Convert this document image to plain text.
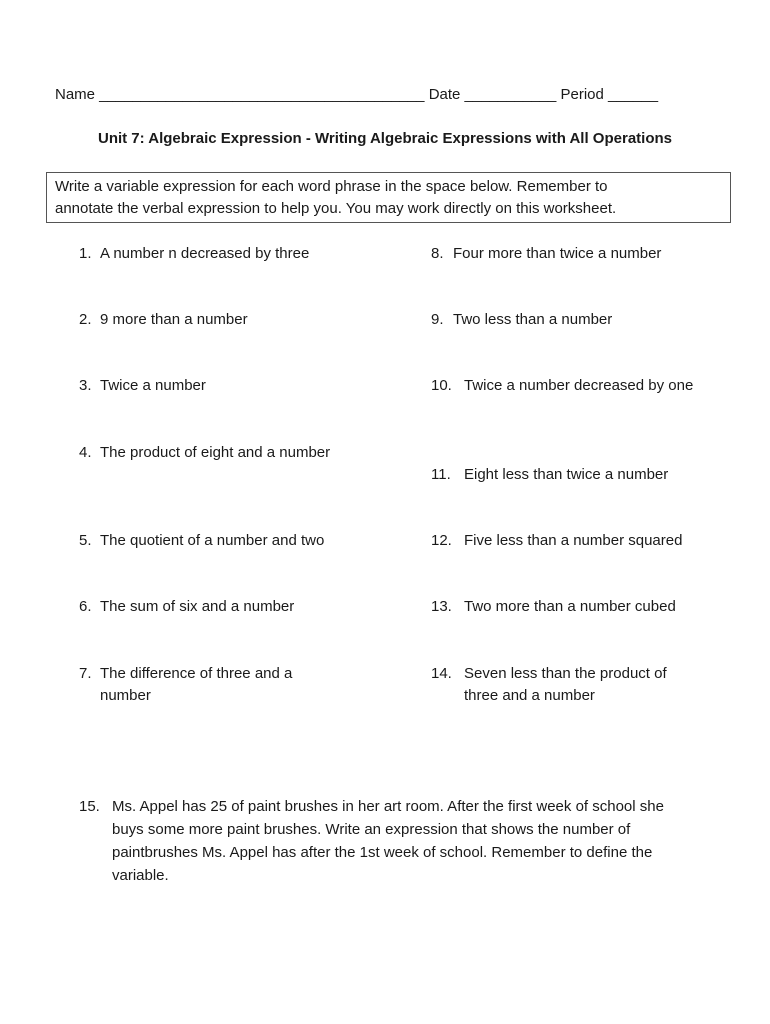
Name _______________________________________ Date ___________ Period ______
Unit 7: Algebraic Expression - Writing Algebraic Expressions with All Operations
Write a variable expression for each word phrase in the space below. Remember to
annotate the verbal expression to help you. You may work directly on this worksheet.
1. A number n decreased by three
2. 9 more than a number
3. Twice a number
4. The product of eight and a number
5. The quotient of a number and two
6. The sum of six and a number
7. The difference of three and a
number
8. Four more than twice a number
9. Two less than a number
10. Twice a number decreased by one
11. Eight less than twice a number
12. Five less than a number squared
13. Two more than a number cubed
14. Seven less than the product of
three and a number
15. Ms. Appel has 25 of paint brushes in her art room. After the first week of school she
buys some more paint brushes. Write an expression that shows the number of
paintbrushes Ms. Appel has after the 1st week of school. Remember to define the
variable.
